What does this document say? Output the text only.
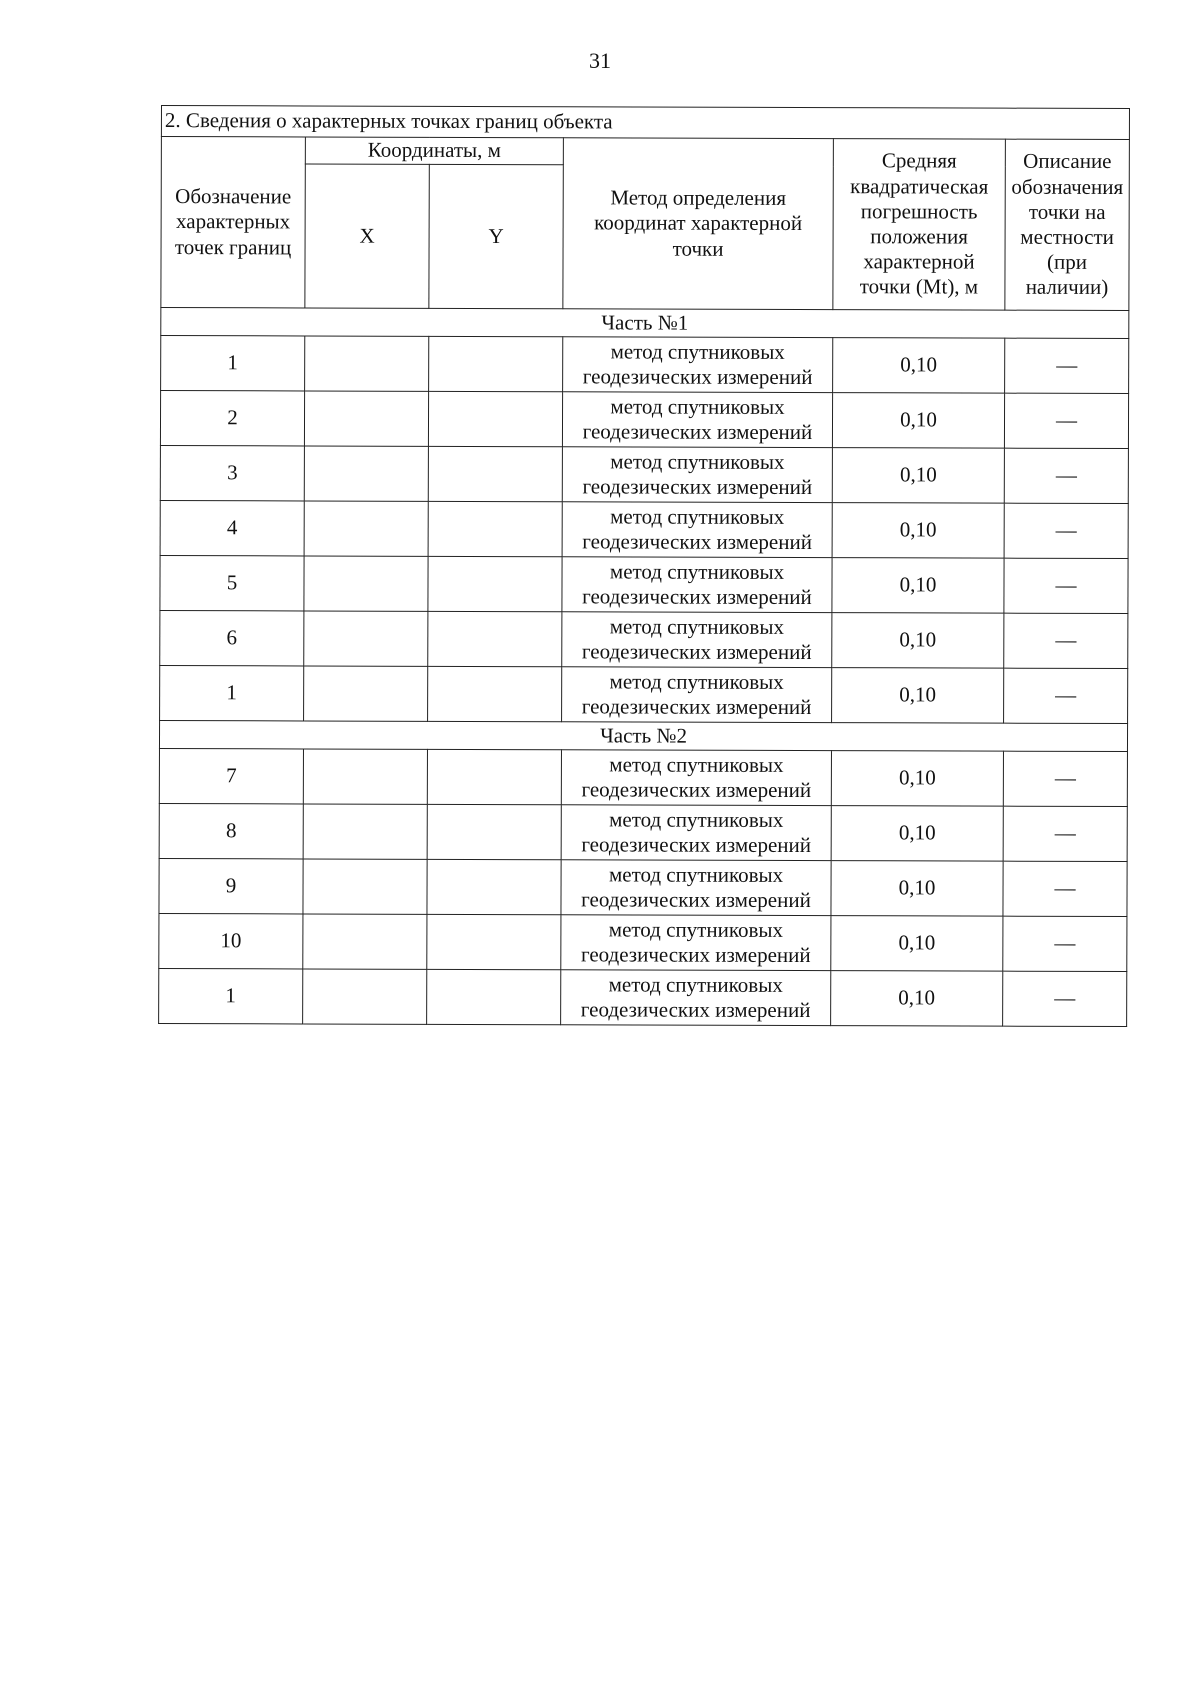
31
2. Сведения о характерных точках границ объекта					
Обозначение характерных точек границ	Координаты, м		Метод определения координат характерной точки	Средняя квадратическая погрешность положения характерной точки (Mt), м	Описание обозначения точки на местности (при наличии)
	X	Y			
Часть №1					
1			метод спутниковых геодезических измерений	0,10	—
2			метод спутниковых геодезических измерений	0,10	—
3			метод спутниковых геодезических измерений	0,10	—
4			метод спутниковых геодезических измерений	0,10	—
5			метод спутниковых геодезических измерений	0,10	—
6			метод спутниковых геодезических измерений	0,10	—
1			метод спутниковых геодезических измерений	0,10	—
Часть №2					
7			метод спутниковых геодезических измерений	0,10	—
8			метод спутниковых геодезических измерений	0,10	—
9			метод спутниковых геодезических измерений	0,10	—
10			метод спутниковых геодезических измерений	0,10	—
1			метод спутниковых геодезических измерений	0,10	—
